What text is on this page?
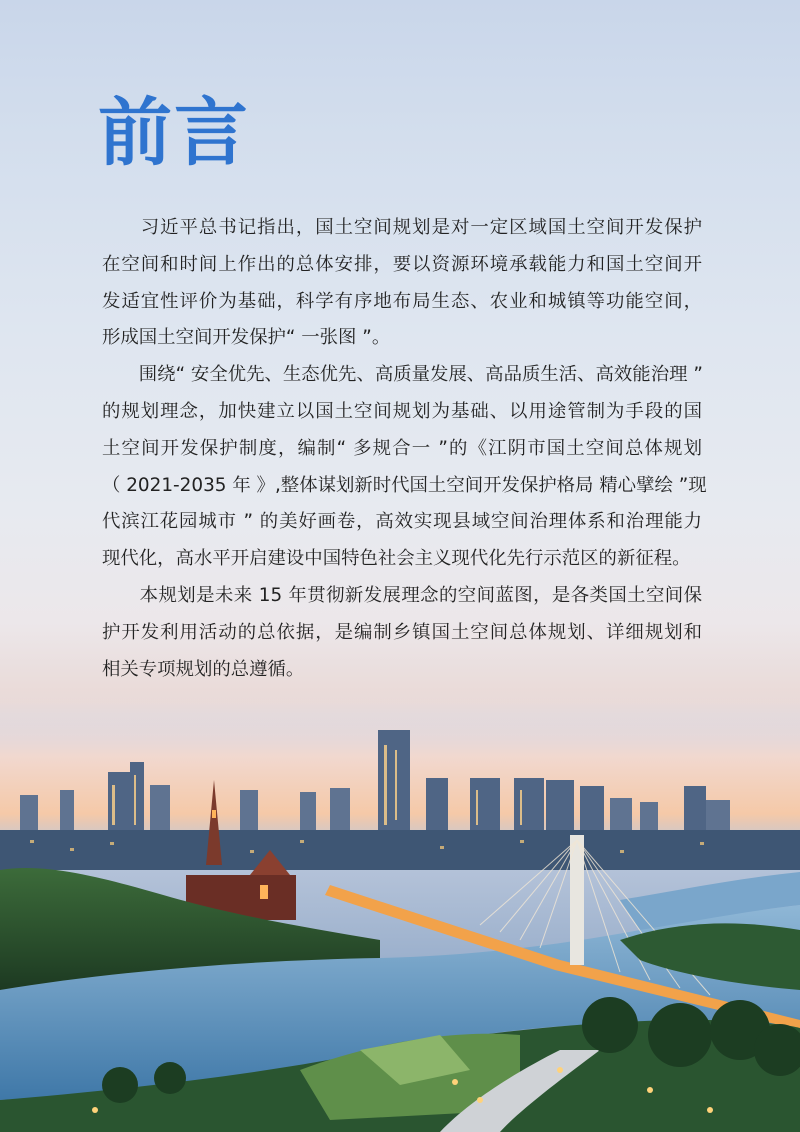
前言
　　习近平总书记指出，国土空间规划是对一定区域国土空间开发保护
在空间和时间上作出的总体安排，要以资源环境承载能力和国土空间开
发适宜性评价为基础，科学有序地布局生态、农业和城镇等功能空间，
形成国土空间开发保护“ 一张图 ”。
　　围绕“ 安全优先、生态优先、高质量发展、高品质生活、高效能治理 ”
的规划理念，加快建立以国土空间规划为基础、以用途管制为手段的国
土空间开发保护制度，编制“ 多规合一 ”的《江阴市国土空间总体规划
（ 2021-2035 年 》,整体谋划新时代国土空间开发保护格局 精心擘绘 ”现
代滨江花园城市 ” 的美好画卷，高效实现县域空间治理体系和治理能力
现代化，高水平开启建设中国特色社会主义现代化先行示范区的新征程。
　　本规划是未来 15 年贯彻新发展理念的空间蓝图，是各类国土空间保
护开发利用活动的总依据，是编制乡镇国土空间总体规划、详细规划和
相关专项规划的总遵循。
